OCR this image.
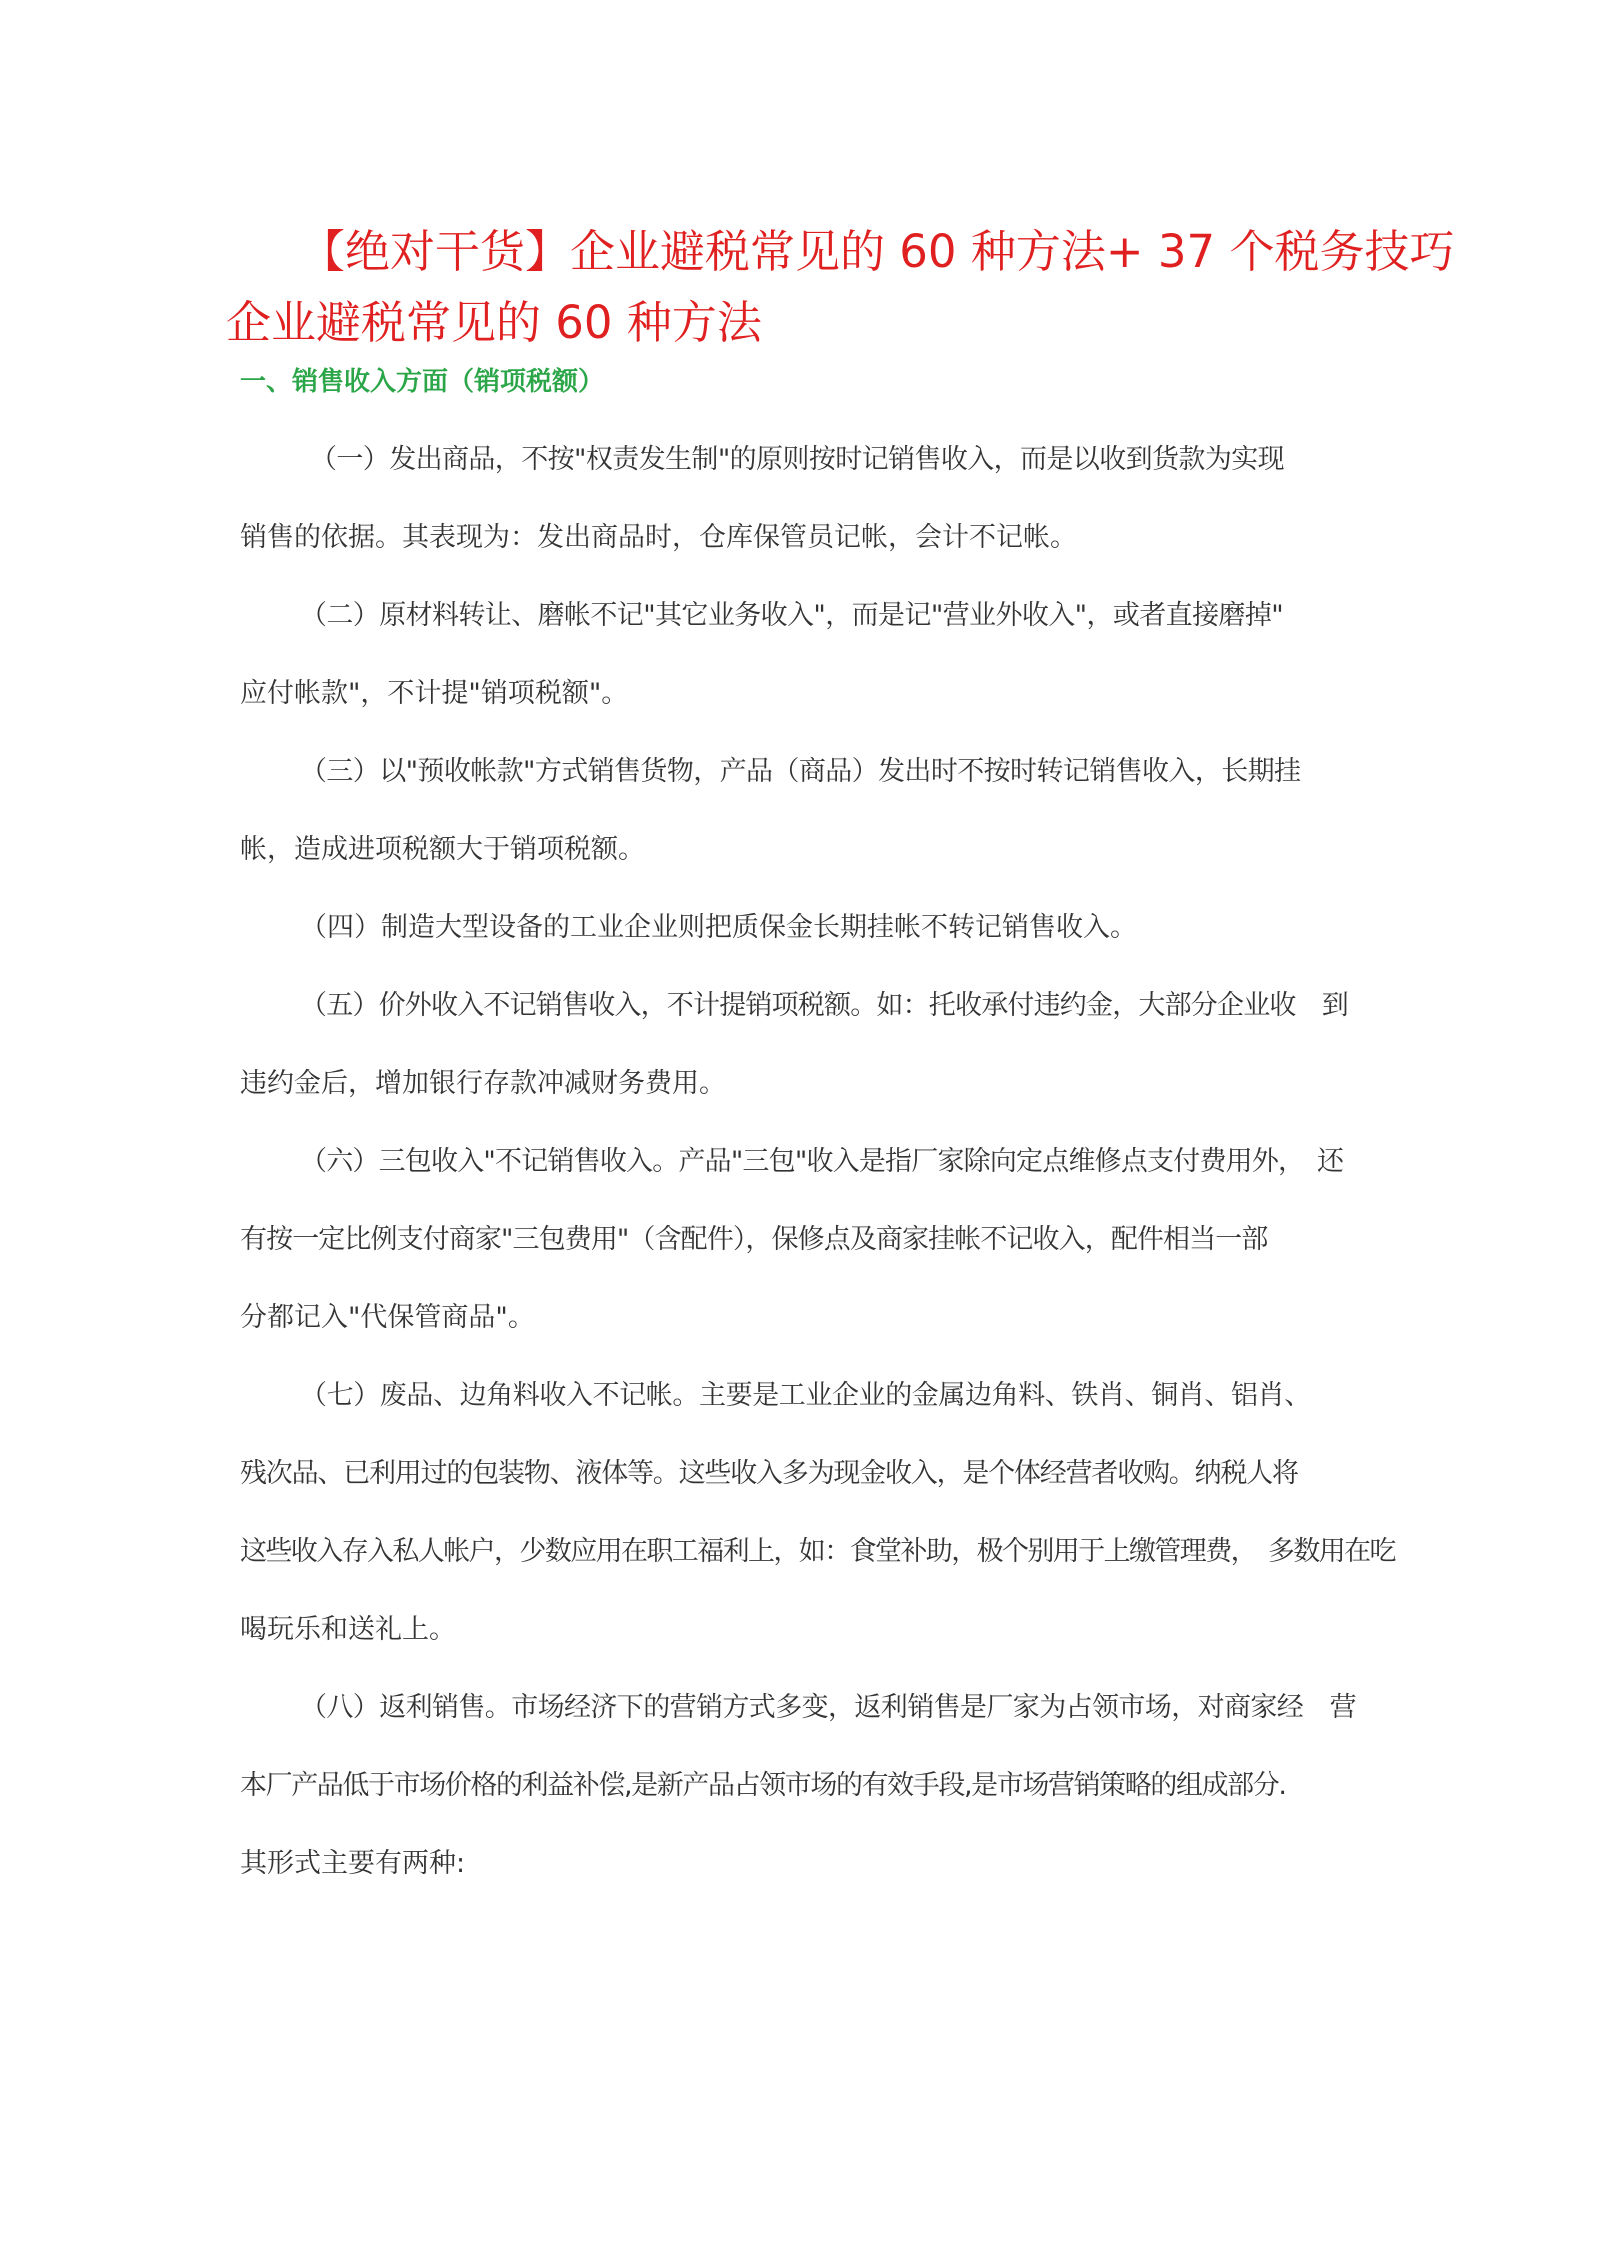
【绝对干货】企业避税常见的 60 种方法+ 37 个税务技巧
企业避税常见的 60 种方法
一、销售收入方面（销项税额）
（一）发出商品，不按"权责发生制"的原则按时记销售收入，而是以收到货款为实现
销售的依据。其表现为：发出商品时，仓库保管员记帐，会计不记帐。
（二）原材料转让、磨帐不记"其它业务收入"，而是记"营业外收入"，或者直接磨掉"
应付帐款"，不计提"销项税额"。
（三）以"预收帐款"方式销售货物，产品（商品）发出时不按时转记销售收入，长期挂
帐，造成进项税额大于销项税额。
（四）制造大型设备的工业企业则把质保金长期挂帐不转记销售收入。
（五）价外收入不记销售收入，不计提销项税额。如：托收承付违约金，大部分企业收　到
违约金后，增加银行存款冲减财务费用。
（六）三包收入"不记销售收入。产品"三包"收入是指厂家除向定点维修点支付费用外，　还
有按一定比例支付商家"三包费用"（含配件），保修点及商家挂帐不记收入，配件相当一部
分都记入"代保管商品"。
（七）废品、边角料收入不记帐。主要是工业企业的金属边角料、铁肖、铜肖、铝肖、
残次品、已利用过的包装物、液体等。这些收入多为现金收入，是个体经营者收购。纳税人将
这些收入存入私人帐户，少数应用在职工福利上，如：食堂补助，极个别用于上缴管理费，　多数用在吃
喝玩乐和送礼上。
（八）返利销售。市场经济下的营销方式多变，返利销售是厂家为占领市场，对商家经　营
本厂产品低于市场价格的利益补偿,是新产品占领市场的有效手段,是市场营销策略的组成部分.
其形式主要有两种:
